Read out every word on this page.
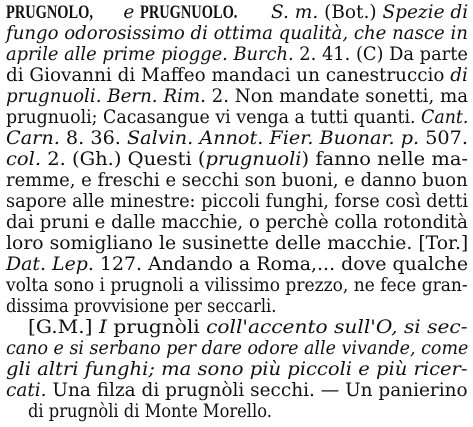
PRUGNOLO, e PRUGNUOLO. S. m. (Bot.) Spezie di
fungo odorosissimo di ottima qualità, che nasce in
aprile alle prime piogge. Burch. 2. 41. (C) Da parte
di Giovanni di Maffeo mandaci un canestruccio di
prugnuoli. Bern. Rim. 2. Non mandate sonetti, ma
prugnuoli; Cacasangue vi venga a tutti quanti. Cant.
Carn. 8. 36. Salvin. Annot. Fier. Buonar. p. 507.
col. 2. (Gh.) Questi (prugnuoli) fanno nelle ma-
remme, e freschi e secchi son buoni, e danno buon
sapore alle minestre: piccoli funghi, forse così detti
dai pruni e dalle macchie, o perchè colla rotondità
loro somigliano le susinette delle macchie. [Tor.]
Dat. Lep. 127. Andando a Roma,... dove qualche
volta sono i prugnoli a vilissimo prezzo, ne fece gran-
dissima provvisione per seccarli.
[G.M.] I prugnòli coll'accento sull'O, si sec-
cano e si serbano per dare odore alle vivande, come
gli altri funghi; ma sono più piccoli e più ricer-
cati. Una filza di prugnòli secchi. — Un panierino
di prugnòli di Monte Morello.
